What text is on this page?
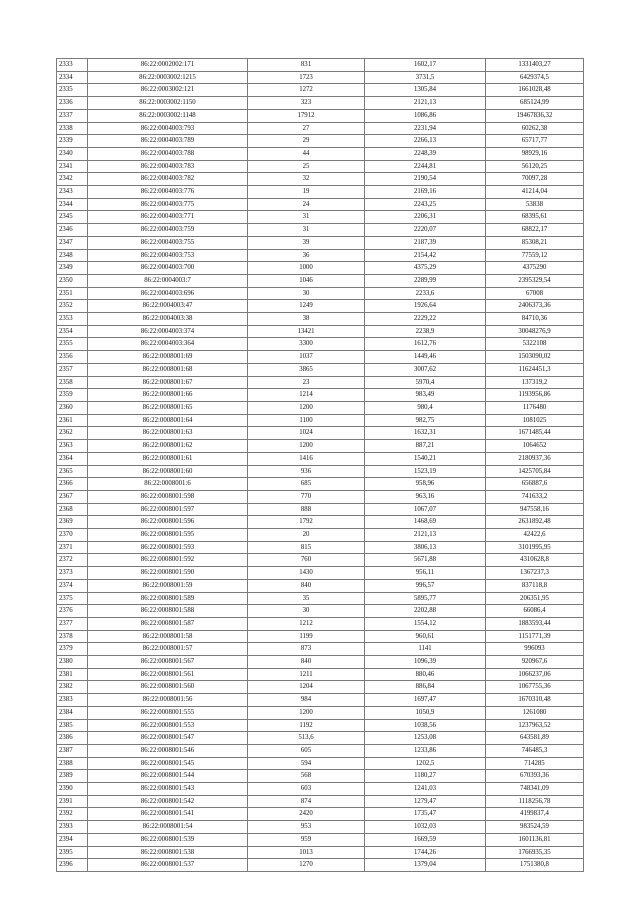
2333	86:22:0002002:171	831	1602,17	1331403,27
2334	86:22:0003002:1215	1723	3731,5	6429374,5
2335	86:22:0003002:121	1272	1305,84	1661028,48
2336	86:22:0003002:1150	323	2121,13	685124,99
2337	86:22:0003002:1148	17912	1086,86	19467836,32
2338	86:22:0004003:793	27	2231,94	60262,38
2339	86:22:0004003:789	29	2266,13	65717,77
2340	86:22:0004003:788	44	2248,39	98929,16
2341	86:22:0004003:783	25	2244,81	56120,25
2342	86:22:0004003:782	32	2190,54	70097,28
2343	86:22:0004003:776	19	2169,16	41214,04
2344	86:22:0004003:775	24	2243,25	53838
2345	86:22:0004003:771	31	2206,31	68395,61
2346	86:22:0004003:759	31	2220,07	68822,17
2347	86:22:0004003:755	39	2187,39	85308,21
2348	86:22:0004003:753	36	2154,42	77559,12
2349	86:22:0004003:700	1000	4375,29	4375290
2350	86:22:0004003:7	1046	2289,99	2395329,54
2351	86:22:0004003:696	30	2233,6	67008
2352	86:22:0004003:47	1249	1926,64	2406373,36
2353	86:22:0004003:38	38	2229,22	84710,36
2354	86:22:0004003:374	13421	2238,9	30048276,9
2355	86:22:0004003:364	3300	1612,76	5322108
2356	86:22:0008001:69	1037	1449,46	1503090,02
2357	86:22:0008001:68	3865	3007,62	11624451,3
2358	86:22:0008001:67	23	5970,4	137319,2
2359	86:22:0008001:66	1214	983,49	1193956,86
2360	86:22:0008001:65	1200	980,4	1176480
2361	86:22:0008001:64	1100	982,75	1081025
2362	86:22:0008001:63	1024	1632,31	1671485,44
2363	86:22:0008001:62	1200	887,21	1064652
2364	86:22:0008001:61	1416	1540,21	2180937,36
2365	86:22:0008001:60	936	1523,19	1425705,84
2366	86:22:0008001:6	685	958,96	656887,6
2367	86:22:0008001:598	770	963,16	741633,2
2368	86:22:0008001:597	888	1067,07	947558,16
2369	86:22:0008001:596	1792	1468,69	2631892,48
2370	86:22:0008001:595	20	2121,13	42422,6
2371	86:22:0008001:593	815	3806,13	3101995,95
2372	86:22:0008001:592	760	5671,88	4310628,8
2373	86:22:0008001:590	1430	956,11	1367237,3
2374	86:22:0008001:59	840	996,57	837118,8
2375	86:22:0008001:589	35	5895,77	206351,95
2376	86:22:0008001:588	30	2202,88	66086,4
2377	86:22:0008001:587	1212	1554,12	1883593,44
2378	86:22:0008001:58	1199	960,61	1151771,39
2379	86:22:0008001:57	873	1141	996093
2380	86:22:0008001:567	840	1096,39	920967,6
2381	86:22:0008001:561	1211	880,46	1066237,06
2382	86:22:0008001:560	1204	886,84	1067755,36
2383	86:22:0008001:56	984	1697,47	1670310,48
2384	86:22:0008001:555	1200	1050,9	1261080
2385	86:22:0008001:553	1192	1038,56	1237963,52
2386	86:22:0008001:547	513,6	1253,08	643581,89
2387	86:22:0008001:546	605	1233,86	746485,3
2388	86:22:0008001:545	594	1202,5	714285
2389	86:22:0008001:544	568	1180,27	670393,36
2390	86:22:0008001:543	603	1241,03	748341,09
2391	86:22:0008001:542	874	1279,47	1118256,78
2392	86:22:0008001:541	2420	1735,47	4199837,4
2393	86:22:0008001:54	953	1032,03	983524,59
2394	86:22:0008001:539	959	1669,59	1601136,81
2395	86:22:0008001:538	1013	1744,26	1766935,35
2396	86:22:0008001:537	1270	1379,04	1751380,8
